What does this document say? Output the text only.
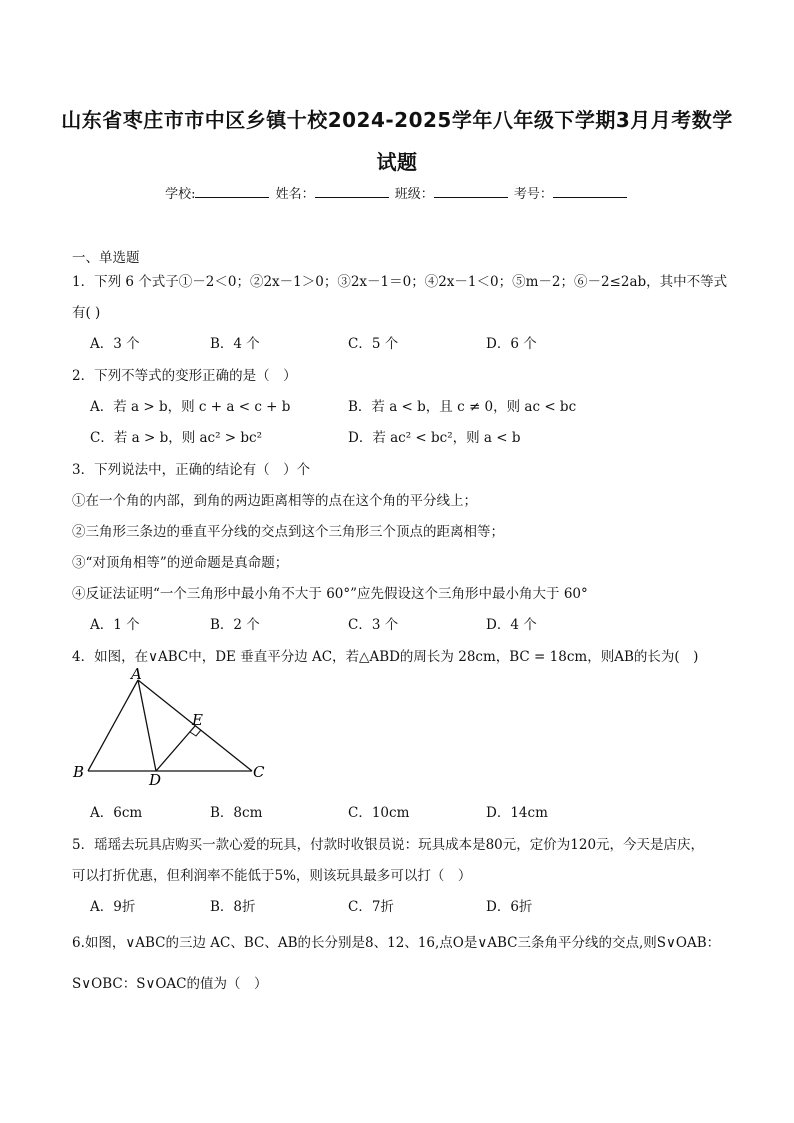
山东省枣庄市市中区乡镇十校2024-2025学年八年级下学期3月月考数学
试题
学校:	姓名：	班级：	考号：
一、单选题
1．下列 6 个式子①－2＜0；②2x－1＞0；③2x－1＝0；④2x－1＜0；⑤m－2；⑥－2≤2ab，其中不等式
有( )
A．3 个	B．4 个	C．5 个	D．6 个
2．下列不等式的变形正确的是（　）
A．若 a > b，则 c + a < c + b	B．若 a < b，且 c ≠ 0，则 ac < bc
C．若 a > b，则 ac² > bc²	D．若 ac² < bc²，则 a < b
3．下列说法中，正确的结论有（　）个
①在一个角的内部，到角的两边距离相等的点在这个角的平分线上；
②三角形三条边的垂直平分线的交点到这个三角形三个顶点的距离相等；
③“对顶角相等”的逆命题是真命题；
④反证法证明“一个三角形中最小角不大于 60°”应先假设这个三角形中最小角大于 60°
A．1 个	B．2 个	C．3 个	D．4 个
4．如图，在∨ABC中，DE 垂直平分边 AC，若△ABD的周长为 28cm，BC = 18cm，则AB的长为(　)
A
E
B	D	C
A．6cm	B．8cm	C．10cm	D．14cm
5．瑶瑶去玩具店购买一款心爱的玩具，付款时收银员说：玩具成本是80元，定价为120元，今天是店庆，
可以打折优惠，但利润率不能低于5%，则该玩具最多可以打（　）
A．9折	B．8折	C．7折	D．6折
6.如图，∨ABC的三边 AC、BC、AB的长分别是8、12、16,点O是∨ABC三条角平分线的交点,则S∨OAB：
S∨OBC：S∨OAC的值为（　）
